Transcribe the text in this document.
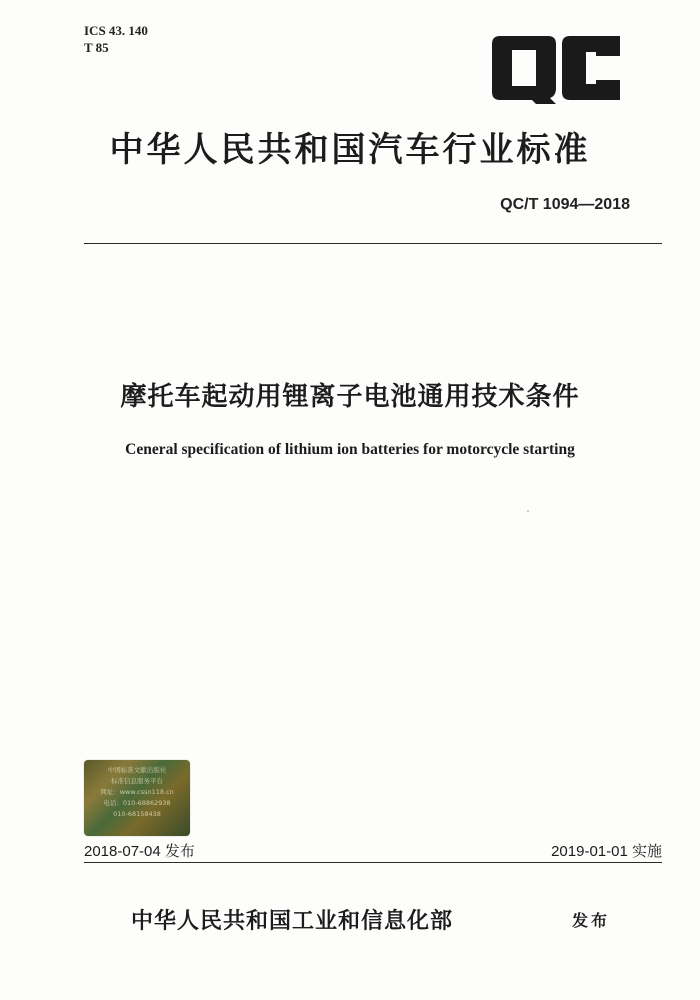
ICS 43. 140
T 85
中华人民共和国汽车行业标准
QC/T 1094—2018
摩托车起动用锂离子电池通用技术条件
Ceneral specification of lithium ion batteries for motorcycle starting
中国标准文献出版社
标准信息服务平台
网址：www.cssn118.cn
电话：010-68862938
010-68158438
2018-07-04 发布	2019-01-01 实施
中华人民共和国工业和信息化部	发布
